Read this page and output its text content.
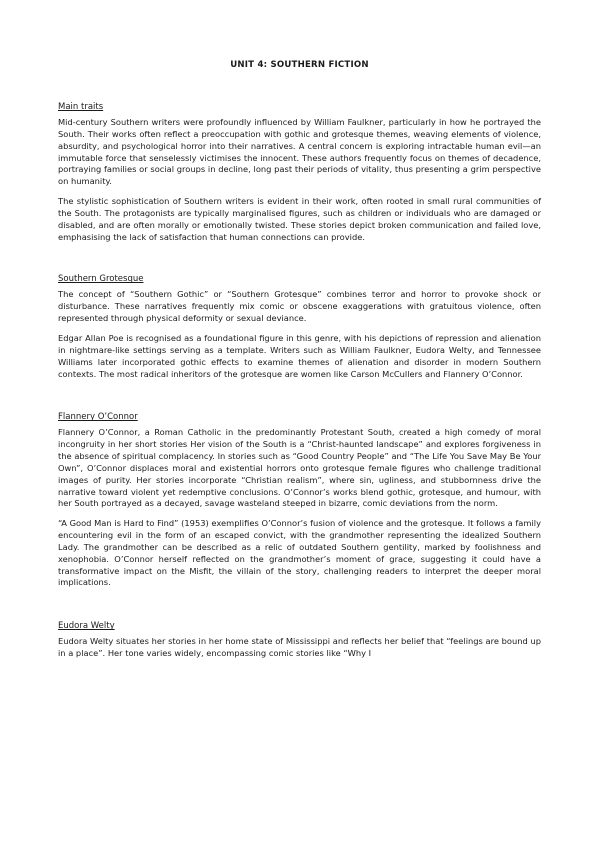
UNIT 4: SOUTHERN FICTION
Main traits

Mid-century Southern writers were profoundly influenced by William Faulkner, particularly in how he portrayed the South. Their works often reflect a preoccupation with gothic and grotesque themes, weaving elements of violence, absurdity, and psychological horror into their narratives. A central concern is exploring intractable human evil—an immutable force that senselessly victimises the innocent. These authors frequently focus on themes of decadence, portraying families or social groups in decline, long past their periods of vitality, thus presenting a grim perspective on humanity.

The stylistic sophistication of Southern writers is evident in their work, often rooted in small rural communities of the South. The protagonists are typically marginalised figures, such as children or individuals who are damaged or disabled, and are often morally or emotionally twisted. These stories depict broken communication and failed love, emphasising the lack of satisfaction that human connections can provide.

Southern Grotesque

The concept of “Southern Gothic” or “Southern Grotesque” combines terror and horror to provoke shock or disturbance. These narratives frequently mix comic or obscene exaggerations with gratuitous violence, often represented through physical deformity or sexual deviance.

Edgar Allan Poe is recognised as a foundational figure in this genre, with his depictions of repression and alienation in nightmare-like settings serving as a template. Writers such as William Faulkner, Eudora Welty, and Tennessee Williams later incorporated gothic effects to examine themes of alienation and disorder in modern Southern contexts. The most radical inheritors of the grotesque are women like Carson McCullers and Flannery O’Connor.

Flannery O’Connor

Flannery O’Connor, a Roman Catholic in the predominantly Protestant South, created a high comedy of moral incongruity in her short stories Her vision of the South is a “Christ-haunted landscape” and explores forgiveness in the absence of spiritual complacency. In stories such as “Good Country People” and “The Life You Save May Be Your Own”, O’Connor displaces moral and existential horrors onto grotesque female figures who challenge traditional images of purity. Her stories incorporate “Christian realism”, where sin, ugliness, and stubbornness drive the narrative toward violent yet redemptive conclusions. O’Connor’s works blend gothic, grotesque, and humour, with her South portrayed as a decayed, savage wasteland steeped in bizarre, comic deviations from the norm.

“A Good Man is Hard to Find” (1953) exemplifies O’Connor’s fusion of violence and the grotesque. It follows a family encountering evil in the form of an escaped convict, with the grandmother representing the idealized Southern Lady. The grandmother can be described as a relic of outdated Southern gentility, marked by foolishness and xenophobia. O’Connor herself reflected on the grandmother’s moment of grace, suggesting it could have a transformative impact on the Misfit, the villain of the story, challenging readers to interpret the deeper moral implications.

Eudora Welty

Eudora Welty situates her stories in her home state of Mississippi and reflects her belief that “feelings are bound up in a place”. Her tone varies widely, encompassing comic stories like “Why I
